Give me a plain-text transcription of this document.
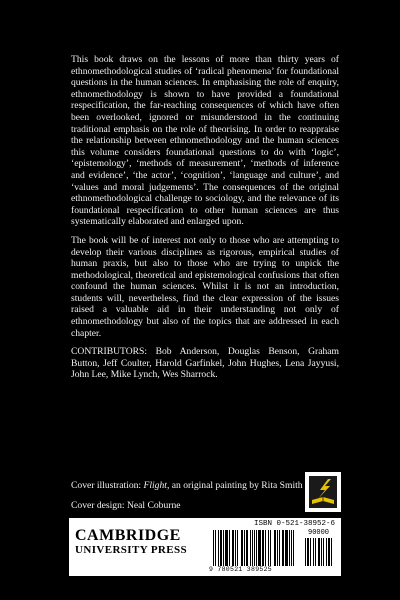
This book draws on the lessons of more than thirty years of ethnomethodological studies of ‘radical phenomena’ for foundational questions in the human sciences. In emphasising the role of enquiry, ethnomethodology is shown to have provided a foundational respecification, the far-reaching consequences of which have often been overlooked, ignored or misunderstood in the continuing traditional emphasis on the role of theorising. In order to reappraise the relationship between ethnomethodology and the human sciences this volume considers foundational questions to do with ‘logic’, ‘epistemology’, ‘methods of measurement’, ‘methods of inference and evidence’, ‘the actor’, ‘cognition’, ‘language and culture’, and ‘values and moral judgements’. The consequences of the original ethnomethodological challenge to sociology, and the relevance of its foundational respecification to other human sciences are thus systematically elaborated and enlarged upon.

The book will be of interest not only to those who are attempting to develop their various disciplines as rigorous, empirical studies of human praxis, but also to those who are trying to unpick the methodological, theoretical and epistemological confusions that often confound the human sciences. Whilst it is not an introduction, students will, nevertheless, find the clear expression of the issues raised a valuable aid in their understanding not only of ethnomethodology but also of the topics that are addressed in each chapter.

CONTRIBUTORS: Bob Anderson, Douglas Benson, Graham Button, Jeff Coulter, Harold Garfinkel, John Hughes, Lena Jayyusi, John Lee, Mike Lynch, Wes Sharrock.

Cover illustration: Flight, an original painting by Rita Smith
Cover design: Neal Coburne
CAMBRIDGE
UNIVERSITY PRESS
ISBN 0-521-38952-6
90000
9 780521 389525
